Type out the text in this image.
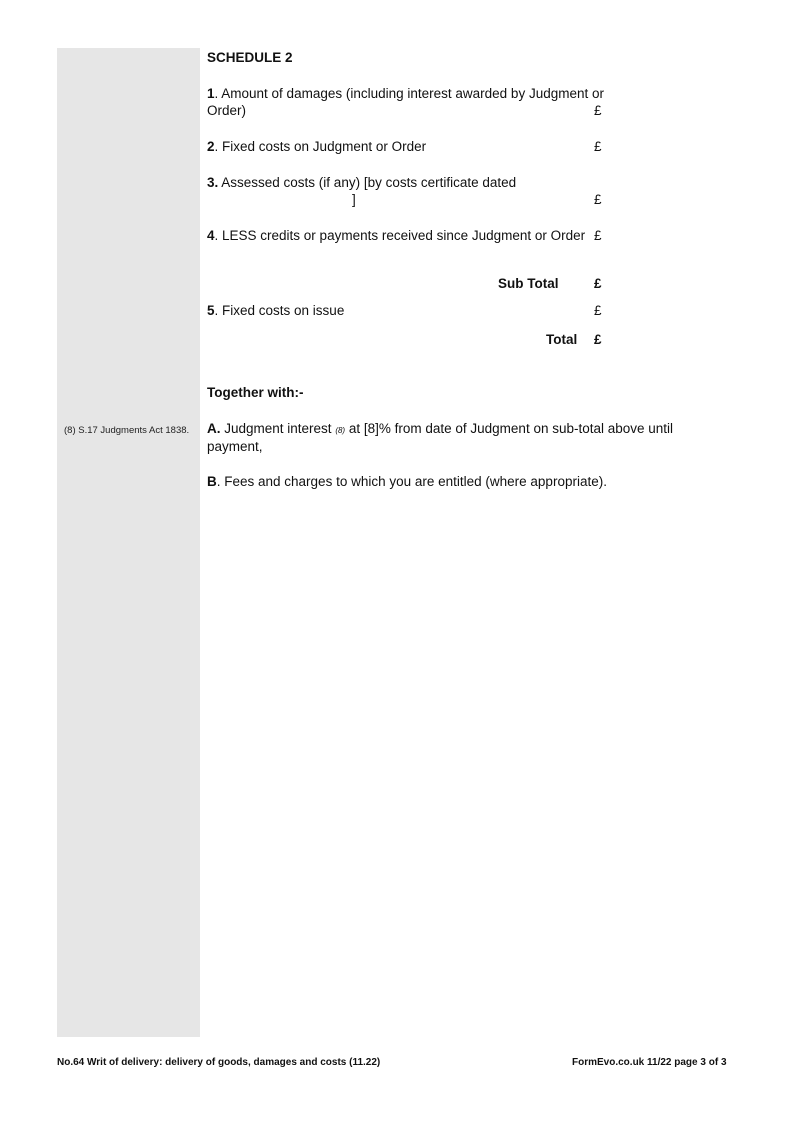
(8) S.17 Judgments Act 1838.
SCHEDULE 2
1. Amount of damages (including interest awarded by Judgment or
Order)	£
2. Fixed costs on Judgment or Order	£
3. Assessed costs (if any) [by costs certificate dated
]	£
4. LESS credits or payments received since Judgment or Order £
Sub Total	£
5. Fixed costs on issue	£
Total £
Together with:-
A. Judgment interest (8) at [8]% from date of Judgment on sub-total above until
payment,
B. Fees and charges to which you are entitled (where appropriate).
No.64 Writ of delivery: delivery of goods, damages and costs (11.22)	FormEvo.co.uk 11/22 page 3 of 3
